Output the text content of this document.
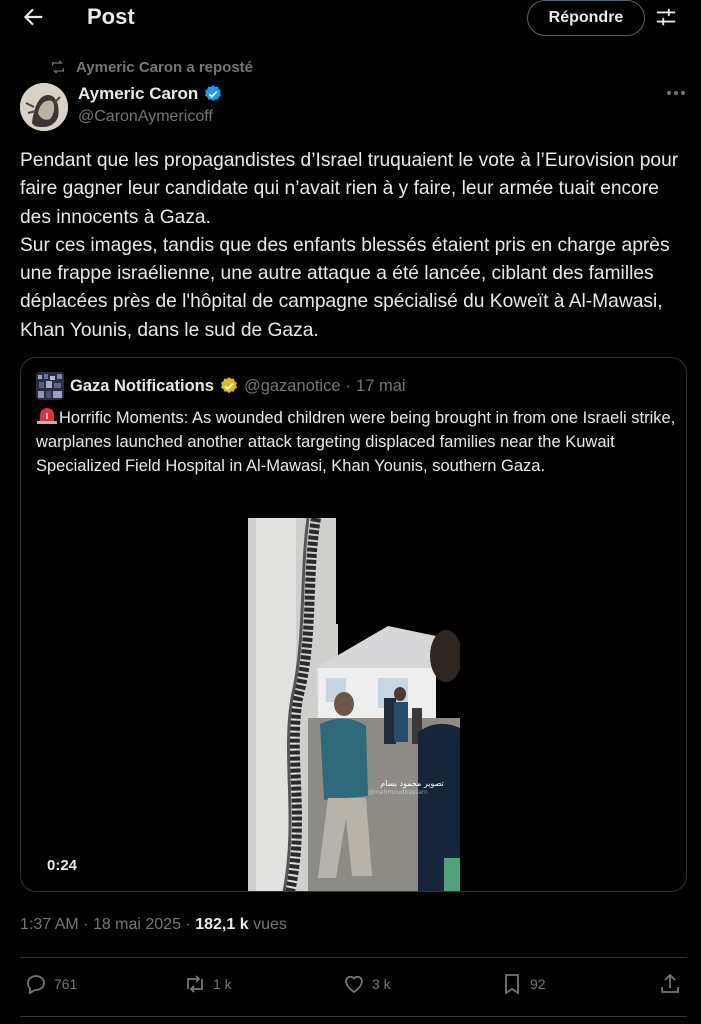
Post	Répondre
Aymeric Caron a reposté
Aymeric Caron
@CaronAymericoff
Pendant que les propagandistes d’Israel truquaient le vote à l’Eurovision pour faire gagner leur candidate qui n’avait rien à y faire, leur armée tuait encore des innocents à Gaza.
Sur ces images, tandis que des enfants blessés étaient pris en charge après une frappe israélienne, une autre attaque a été lancée, ciblant des familles déplacées près de l'hôpital de campagne spécialisé du Koweït à Al-Mawasi, Khan Younis, dans le sud de Gaza.
Gaza Notifications @gazanotice · 17 mai
Horrific Moments: As wounded children were being brought in from one Israeli strike, warplanes launched another attack targeting displaced families near the Kuwait Specialized Field Hospital in Al-Mawasi, Khan Younis, southern Gaza.
تصوير محمود بسام
@mahmoudbassam
0:24
1:37 AM · 18 mai 2025 · 182,1 k vues
761	1 k	3 k	92
